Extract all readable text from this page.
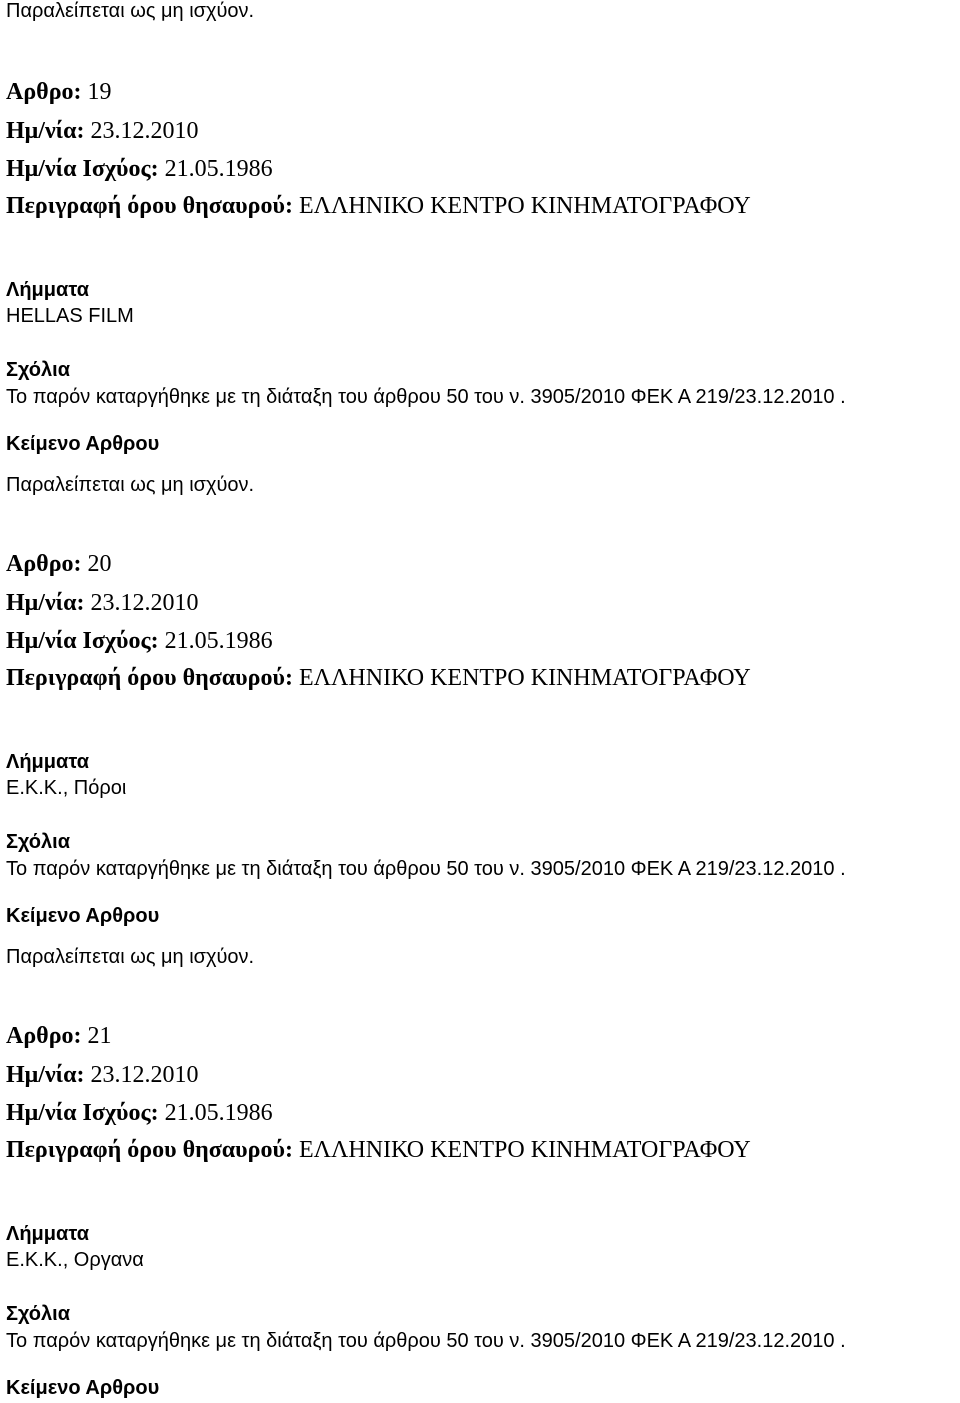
Παραλείπεται ως μη ισχύον.
Αρθρο: 19
Ημ/νία: 23.12.2010
Ημ/νία Ισχύος: 21.05.1986
Περιγραφή όρου θησαυρού: ΕΛΛΗΝΙΚΟ ΚΕΝΤΡΟ ΚΙΝΗΜΑΤΟΓΡΑΦΟΥ
Λήμματα
HELLAS FILM
Σχόλια
Το παρόν καταργήθηκε με τη διάταξη του άρθρου 50 του ν. 3905/2010 ΦΕΚ Α 219/23.12.2010 .
Κείμενο Αρθρου
Παραλείπεται ως μη ισχύον.
Αρθρο: 20
Ημ/νία: 23.12.2010
Ημ/νία Ισχύος: 21.05.1986
Περιγραφή όρου θησαυρού: ΕΛΛΗΝΙΚΟ ΚΕΝΤΡΟ ΚΙΝΗΜΑΤΟΓΡΑΦΟΥ
Λήμματα
Ε.Κ.Κ., Πόροι
Σχόλια
Το παρόν καταργήθηκε με τη διάταξη του άρθρου 50 του ν. 3905/2010 ΦΕΚ Α 219/23.12.2010 .
Κείμενο Αρθρου
Παραλείπεται ως μη ισχύον.
Αρθρο: 21
Ημ/νία: 23.12.2010
Ημ/νία Ισχύος: 21.05.1986
Περιγραφή όρου θησαυρού: ΕΛΛΗΝΙΚΟ ΚΕΝΤΡΟ ΚΙΝΗΜΑΤΟΓΡΑΦΟΥ
Λήμματα
Ε.Κ.Κ., Οργανα
Σχόλια
Το παρόν καταργήθηκε με τη διάταξη του άρθρου 50 του ν. 3905/2010 ΦΕΚ Α 219/23.12.2010 .
Κείμενο Αρθρου
